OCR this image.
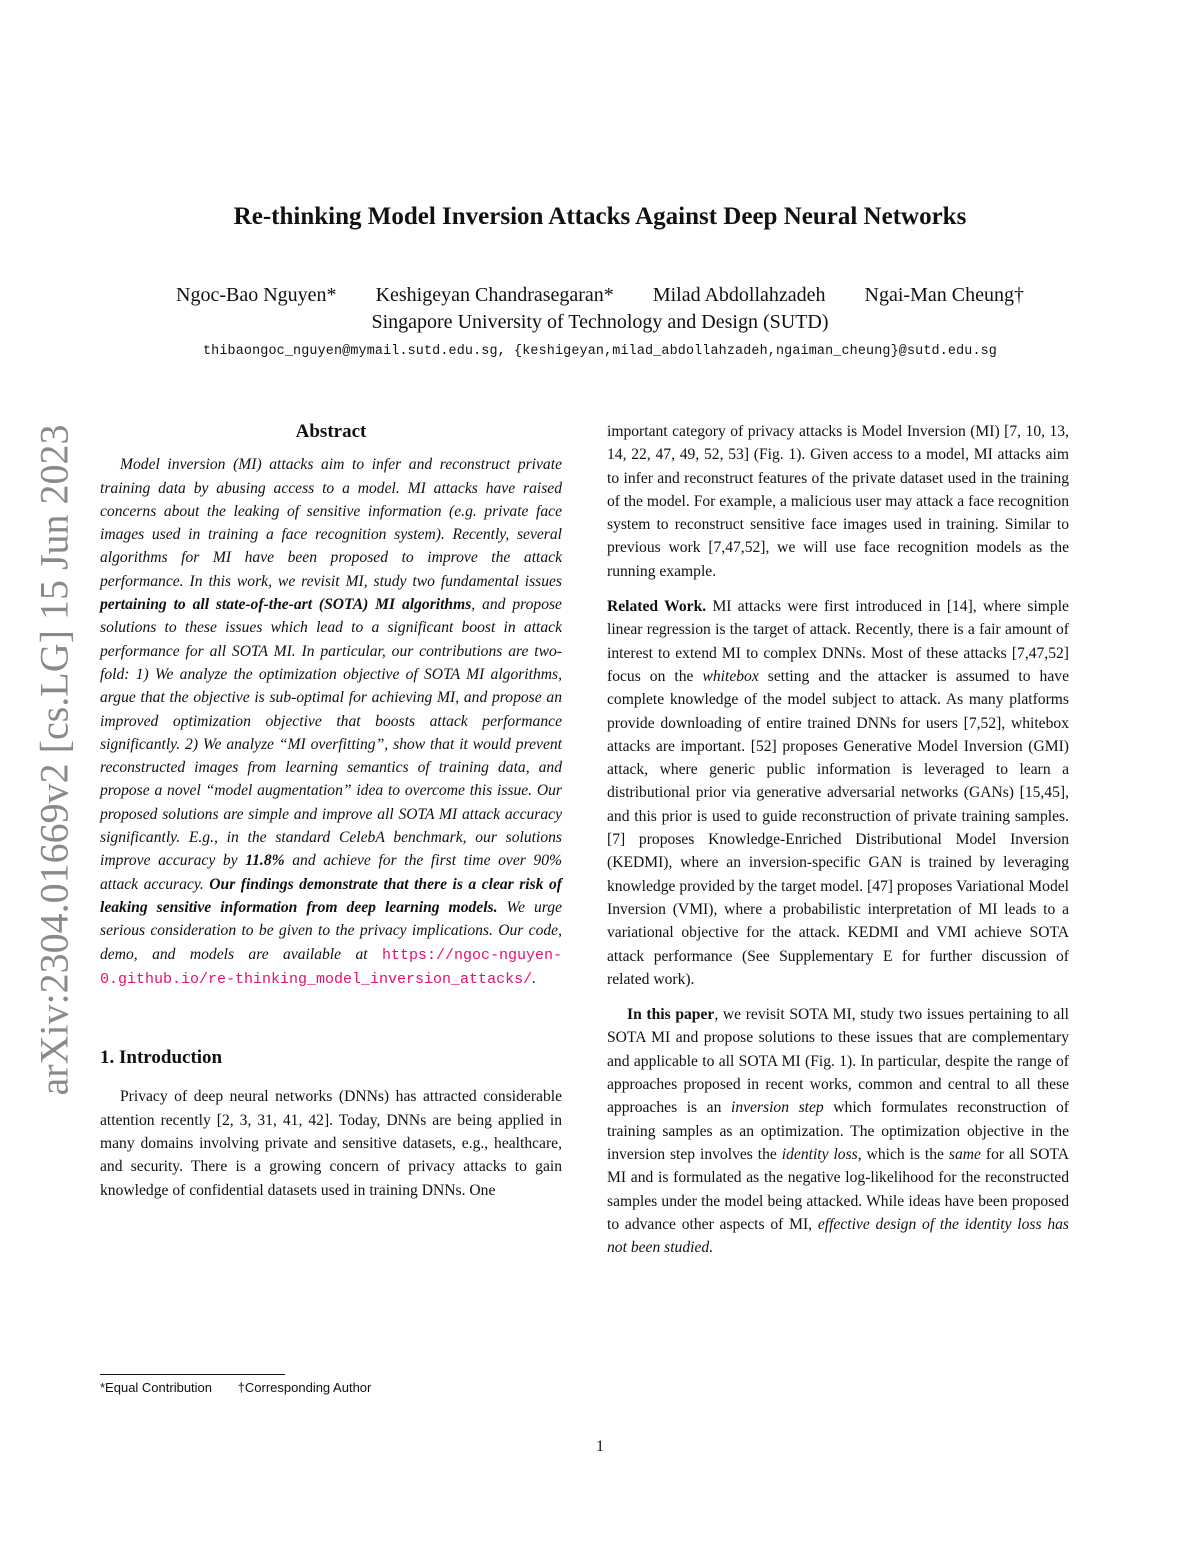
Re-thinking Model Inversion Attacks Against Deep Neural Networks
Ngoc-Bao Nguyen* Keshigeyan Chandrasegaran* Milad Abdollahzadeh Ngai-Man Cheung†
Singapore University of Technology and Design (SUTD)
thibaongoc_nguyen@mymail.sutd.edu.sg, {keshigeyan,milad_abdollahzadeh,ngaiman_cheung}@sutd.edu.sg
arXiv:2304.01669v2 [cs.LG] 15 Jun 2023	Abstract

Model inversion (MI) attacks aim to infer and reconstruct private training data by abusing access to a model. MI attacks have raised concerns about the leaking of sensitive information (e.g. private face images used in training a face recognition system). Recently, several algorithms for MI have been proposed to improve the attack performance. In this work, we revisit MI, study two fundamental issues pertaining to all state-of-the-art (SOTA) MI algorithms, and propose solutions to these issues which lead to a significant boost in attack performance for all SOTA MI. In particular, our contributions are two-fold: 1) We analyze the optimization objective of SOTA MI algorithms, argue that the objective is sub-optimal for achieving MI, and propose an improved optimization objective that boosts attack performance significantly. 2) We analyze “MI overfitting”, show that it would prevent reconstructed images from learning semantics of training data, and propose a novel “model augmentation” idea to overcome this issue. Our proposed solutions are simple and improve all SOTA MI attack accuracy significantly. E.g., in the standard CelebA benchmark, our solutions improve accuracy by 11.8% and achieve for the first time over 90% attack accuracy. Our findings demonstrate that there is a clear risk of leaking sensitive information from deep learning models. We urge serious consideration to be given to the privacy implications. Our code, demo, and models are available at https://ngoc-nguyen-0.github.io/re-thinking_model_inversion_attacks/.

1. Introduction

Privacy of deep neural networks (DNNs) has attracted considerable attention recently [2, 3, 31, 41, 42]. Today, DNNs are being applied in many domains involving private and sensitive datasets, e.g., healthcare, and security. There is a growing concern of privacy attacks to gain knowledge of confidential datasets used in training DNNs. One

important category of privacy attacks is Model Inversion (MI) [7, 10, 13, 14, 22, 47, 49, 52, 53] (Fig. 1). Given access to a model, MI attacks aim to infer and reconstruct features of the private dataset used in the training of the model. For example, a malicious user may attack a face recognition system to reconstruct sensitive face images used in training. Similar to previous work [7,47,52], we will use face recognition models as the running example.

Related Work. MI attacks were first introduced in [14], where simple linear regression is the target of attack. Recently, there is a fair amount of interest to extend MI to complex DNNs. Most of these attacks [7,47,52] focus on the whitebox setting and the attacker is assumed to have complete knowledge of the model subject to attack. As many platforms provide downloading of entire trained DNNs for users [7,52], whitebox attacks are important. [52] proposes Generative Model Inversion (GMI) attack, where generic public information is leveraged to learn a distributional prior via generative adversarial networks (GANs) [15,45], and this prior is used to guide reconstruction of private training samples. [7] proposes Knowledge-Enriched Distributional Model Inversion (KEDMI), where an inversion-specific GAN is trained by leveraging knowledge provided by the target model. [47] proposes Variational Model Inversion (VMI), where a probabilistic interpretation of MI leads to a variational objective for the attack. KEDMI and VMI achieve SOTA attack performance (See Supplementary E for further discussion of related work).

In this paper, we revisit SOTA MI, study two issues pertaining to all SOTA MI and propose solutions to these issues that are complementary and applicable to all SOTA MI (Fig. 1). In particular, despite the range of approaches proposed in recent works, common and central to all these approaches is an inversion step which formulates reconstruction of training samples as an optimization. The optimization objective in the inversion step involves the identity loss, which is the same for all SOTA MI and is formulated as the negative log-likelihood for the reconstructed samples under the model being attacked. While ideas have been proposed to advance other aspects of MI, effective design of the identity loss has not been studied.

*Equal Contribution †Corresponding Author
1
